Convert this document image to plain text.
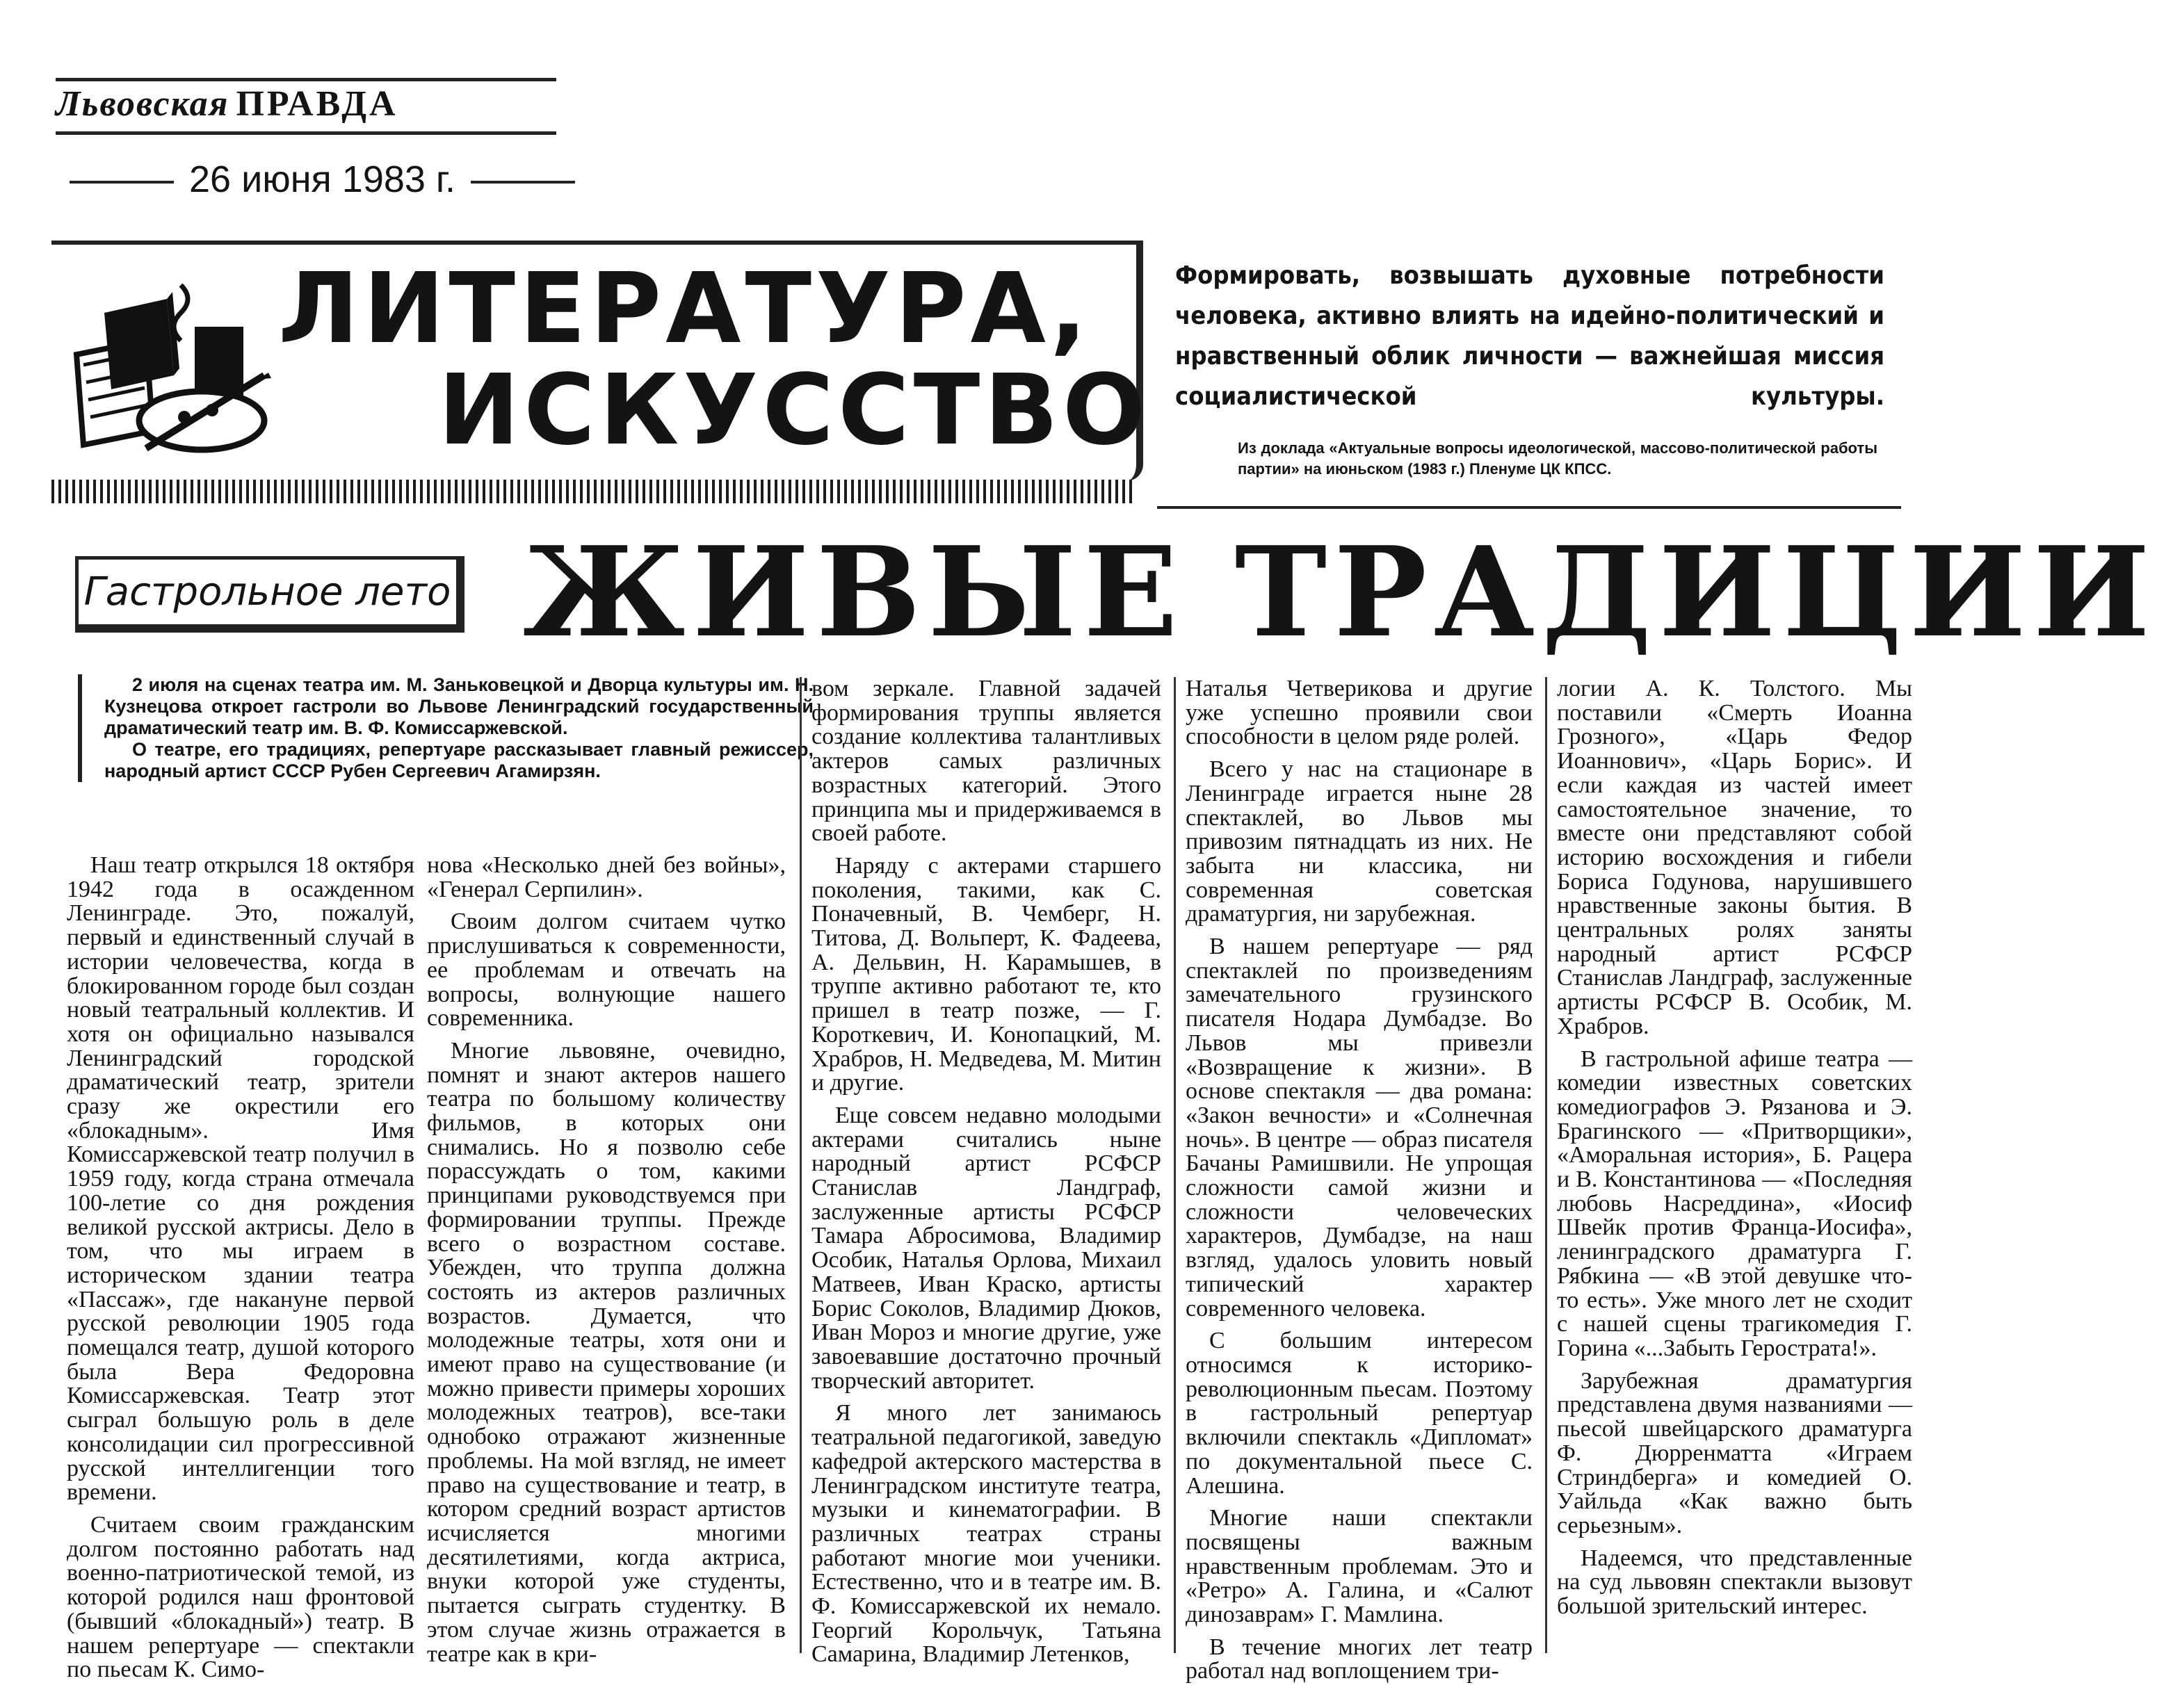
Львовская ПРАВДА
26 июня 1983 г.
ЛИТЕРАТУРА,
ИСКУССТВО
Формировать, возвышать духовные потребности человека, активно влиять на идейно-политический и нравственный облик личности — важнейшая миссия социалистической культуры.
Из доклада «Актуальные вопросы идеологической, массово-политической работы партии» на июньском (1983 г.) Пленуме ЦК КПСС.
Гастрольное лето ЖИВЫЕ ТРАДИЦИИ

2 июля на сценах театра им. М. Заньковецкой и Дворца культуры им. Н. Кузнецова откроет гастроли во Львове Ленинградский государственный драматический театр им. В. Ф. Комиссаржевской.

О театре, его традициях, репертуаре рассказывает главный режиссер, народный артист СССР Рубен Сергеевич Агамирзян.

Наш театр открылся 18 октября 1942 года в осажденном Ленинграде. Это, пожалуй, первый и единственный случай в истории человечества, когда в блокированном городе был создан новый театральный коллектив. И хотя он официально назывался Ленинградский городской драматический театр, зрители сразу же окрестили его «блокадным». Имя Комиссаржевской театр получил в 1959 году, когда страна отмечала 100-летие со дня рождения великой русской актрисы. Дело в том, что мы играем в историческом здании театра «Пассаж», где накануне первой русской революции 1905 года помещался театр, душой которого была Вера Федоровна Комиссаржевская. Театр этот сыграл большую роль в деле консолидации сил прогрессивной русской интеллигенции того времени.

Считаем своим гражданским долгом постоянно работать над военно-патриотической темой, из которой родился наш фронтовой (бывший «блокадный») театр. В нашем репертуаре — спектакли по пьесам К. Симо-

нова «Несколько дней без войны», «Генерал Серпилин».

Своим долгом считаем чутко прислушиваться к современности, ее проблемам и отвечать на вопросы, волнующие нашего современника.

Многие львовяне, очевидно, помнят и знают актеров нашего театра по большому количеству фильмов, в которых они снимались. Но я позволю себе порассуждать о том, какими принципами руководствуемся при формировании труппы. Прежде всего о возрастном составе. Убежден, что труппа должна состоять из актеров различных возрастов. Думается, что молодежные театры, хотя они и имеют право на существование (и можно привести примеры хороших молодежных театров), все-таки однобоко отражают жизненные проблемы. На мой взгляд, не имеет право на существование и театр, в котором средний возраст артистов исчисляется многими десятилетиями, когда актриса, внуки которой уже студенты, пытается сыграть студентку. В этом случае жизнь отражается в театре как в кри-

вом зеркале. Главной задачей формирования труппы является создание коллектива талантливых актеров самых различных возрастных категорий. Этого принципа мы и придерживаемся в своей работе.

Наряду с актерами старшего поколения, такими, как С. Поначевный, В. Чемберг, Н. Титова, Д. Вольперт, К. Фадеева, А. Дельвин, Н. Карамышев, в труппе активно работают те, кто пришел в театр позже, — Г. Короткевич, И. Конопацкий, М. Храбров, Н. Медведева, М. Митин и другие.

Еще совсем недавно молодыми актерами считались ныне народный артист РСФСР Станислав Ландграф, заслуженные артисты РСФСР Тамара Абросимова, Владимир Особик, Наталья Орлова, Михаил Матвеев, Иван Краско, артисты Борис Соколов, Владимир Дюков, Иван Мороз и многие другие, уже завоевавшие достаточно прочный творческий авторитет.

Я много лет занимаюсь театральной педагогикой, заведую кафедрой актерского мастерства в Ленинградском институте театра, музыки и кинематографии. В различных театрах страны работают многие мои ученики. Естественно, что и в театре им. В. Ф. Комиссаржевской их немало. Георгий Корольчук, Татьяна Самарина, Владимир Летенков,

Наталья Четверикова и другие уже успешно проявили свои способности в целом ряде ролей.

Всего у нас на стационаре в Ленинграде играется ныне 28 спектаклей, во Львов мы привозим пятнадцать из них. Не забыта ни классика, ни современная советская драматургия, ни зарубежная.

В нашем репертуаре — ряд спектаклей по произведениям замечательного грузинского писателя Нодара Думбадзе. Во Львов мы привезли «Возвращение к жизни». В основе спектакля — два романа: «Закон вечности» и «Солнечная ночь». В центре — образ писателя Бачаны Рамишвили. Не упрощая сложности самой жизни и сложности человеческих характеров, Думбадзе, на наш взгляд, удалось уловить новый типический характер современного человека.

С большим интересом относимся к историко-революционным пьесам. Поэтому в гастрольный репертуар включили спектакль «Дипломат» по документальной пьесе С. Алешина.

Многие наши спектакли посвящены важным нравственным проблемам. Это и «Ретро» А. Галина, и «Салют динозаврам» Г. Мамлина.

В течение многих лет театр работал над воплощением три-

логии А. К. Толстого. Мы поставили «Смерть Иоанна Грозного», «Царь Федор Иоаннович», «Царь Борис». И если каждая из частей имеет самостоятельное значение, то вместе они представляют собой историю восхождения и гибели Бориса Годунова, нарушившего нравственные законы бытия. В центральных ролях заняты народный артист РСФСР Станислав Ландграф, заслуженные артисты РСФСР В. Особик, М. Храбров.

В гастрольной афише театра — комедии известных советских комедиографов Э. Рязанова и Э. Брагинского — «Притворщики», «Аморальная история», Б. Рацера и В. Константинова — «Последняя любовь Насреддина», «Иосиф Швейк против Франца-Иосифа», ленинградского драматурга Г. Рябкина — «В этой девушке что-то есть». Уже много лет не сходит с нашей сцены трагикомедия Г. Горина «...Забыть Герострата!».

Зарубежная драматургия представлена двумя названиями — пьесой швейцарского драматурга Ф. Дюрренматта «Играем Стриндберга» и комедией О. Уайльда «Как важно быть серьезным».

Надеемся, что представленные на суд львовян спектакли вызовут большой зрительский интерес.
